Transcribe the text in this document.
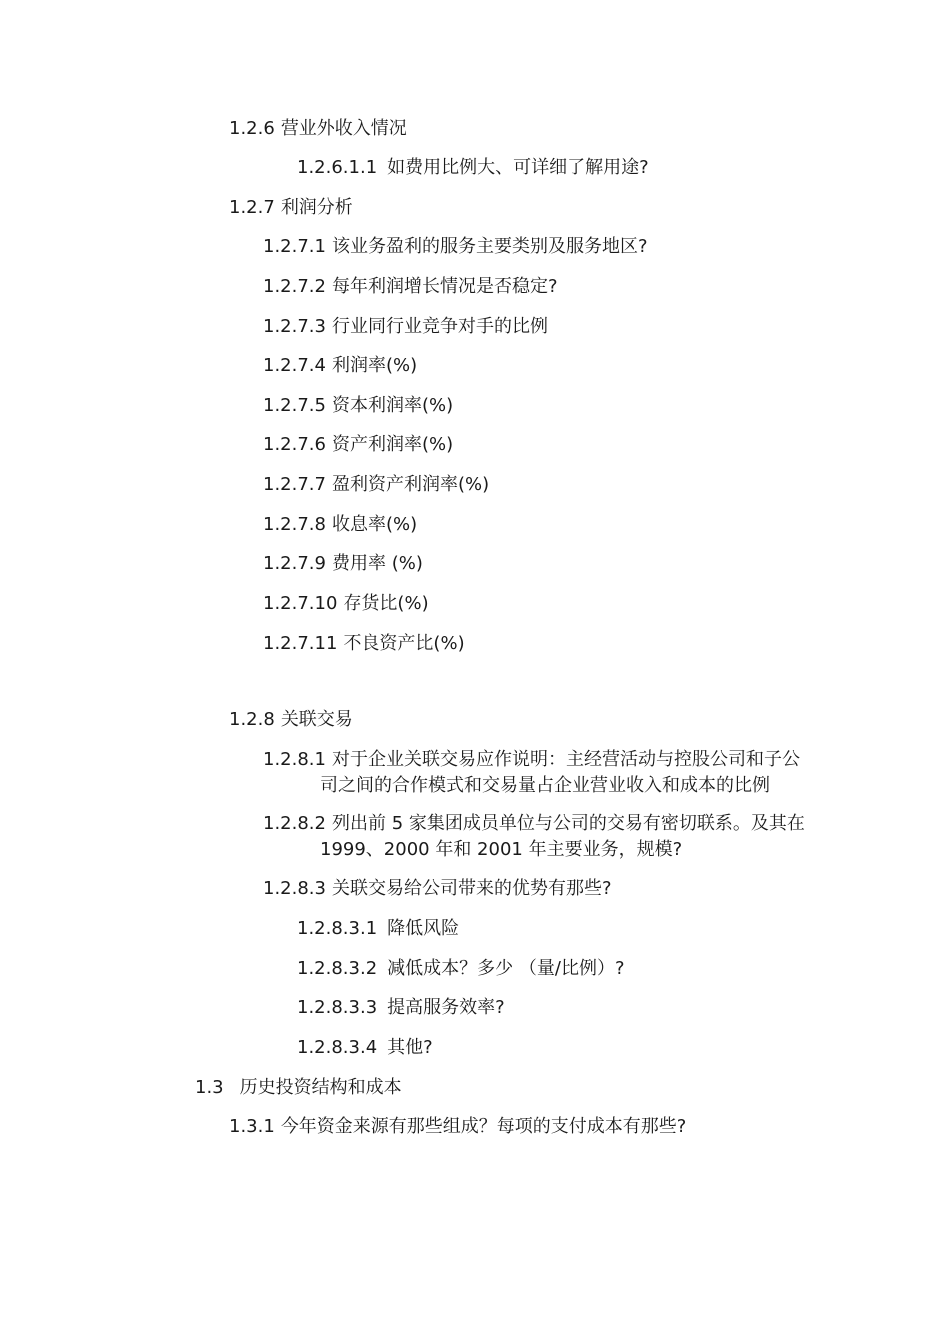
1.2.6 营业外收入情况
1.2.6.1.1 如费用比例大、可详细了解用途?
1.2.7 利润分析
1.2.7.1 该业务盈利的服务主要类别及服务地区?
1.2.7.2 每年利润增长情况是否稳定?
1.2.7.3 行业同行业竞争对手的比例
1.2.7.4 利润率(%)
1.2.7.5 资本利润率(%)
1.2.7.6 资产利润率(%)
1.2.7.7 盈利资产利润率(%)
1.2.7.8 收息率(%)
1.2.7.9 费用率 (%)
1.2.7.10 存货比(%)
1.2.7.11 不良资产比(%)
1.2.8 关联交易
1.2.8.1 对于企业关联交易应作说明：主经营活动与控股公司和子公
司之间的合作模式和交易量占企业营业收入和成本的比例
1.2.8.2 列出前 5 家集团成员单位与公司的交易有密切联系。及其在
1999、2000 年和 2001 年主要业务，规模?
1.2.8.3 关联交易给公司带来的优势有那些?
1.2.8.3.1 降低风险
1.2.8.3.2 减低成本？多少 （量/比例）?
1.2.8.3.3 提高服务效率?
1.2.8.3.4 其他?
1.3 历史投资结构和成本
1.3.1 今年资金来源有那些组成？每项的支付成本有那些?
